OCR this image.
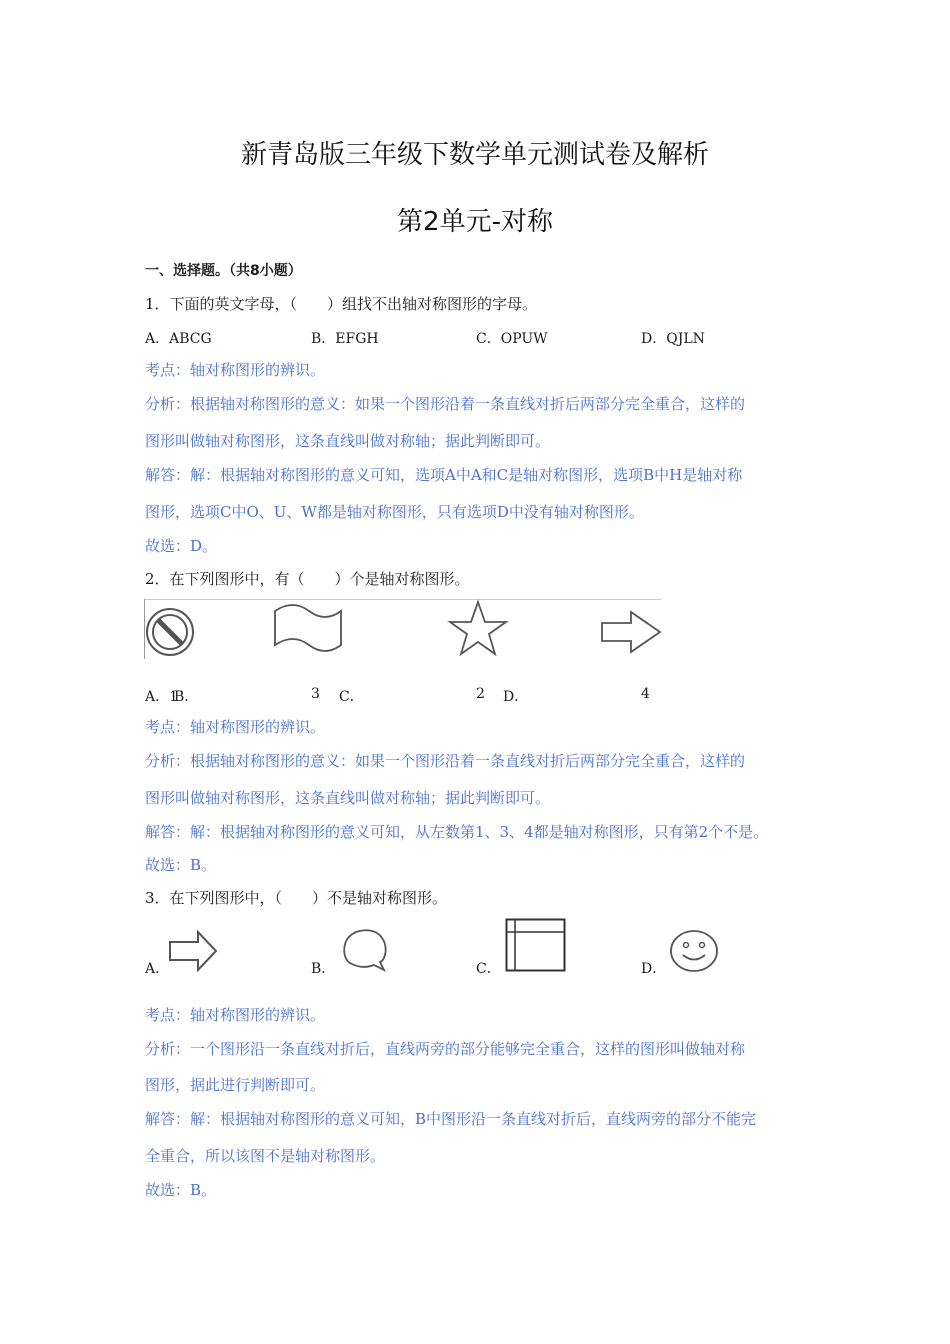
新青岛版三年级下数学单元测试卷及解析
第2单元-对称
一、选择题。（共8小题）
1．下面的英文字母，（　　）组找不出轴对称图形的字母。
A．ABCG	B．EFGH	C．OPUW	D．QJLN
考点：轴对称图形的辨识。
分析：根据轴对称图形的意义：如果一个图形沿着一条直线对折后两部分完全重合，这样的
图形叫做轴对称图形，这条直线叫做对称轴；据此判断即可。
解答：解：根据轴对称图形的意义可知，选项A中A和C是轴对称图形，选项B中H是轴对称
图形，选项C中O、U、W都是轴对称图形，只有选项D中没有轴对称图形。
故选：D。
2．在下列图形中，有（　　）个是轴对称图形。
A．1
B．	3 C．	2 D．	4
考点：轴对称图形的辨识。
分析：根据轴对称图形的意义：如果一个图形沿着一条直线对折后两部分完全重合，这样的
图形叫做轴对称图形，这条直线叫做对称轴；据此判断即可。
解答：解：根据轴对称图形的意义可知，从左数第1、3、4都是轴对称图形，只有第2个不是。
故选：B。
3．在下列图形中，（　　）不是轴对称图形。
A．	B．	C．	D．
考点：轴对称图形的辨识。
分析：一个图形沿一条直线对折后，直线两旁的部分能够完全重合，这样的图形叫做轴对称
图形，据此进行判断即可。
解答：解：根据轴对称图形的意义可知，B中图形沿一条直线对折后，直线两旁的部分不能完
全重合，所以该图不是轴对称图形。
故选：B。
